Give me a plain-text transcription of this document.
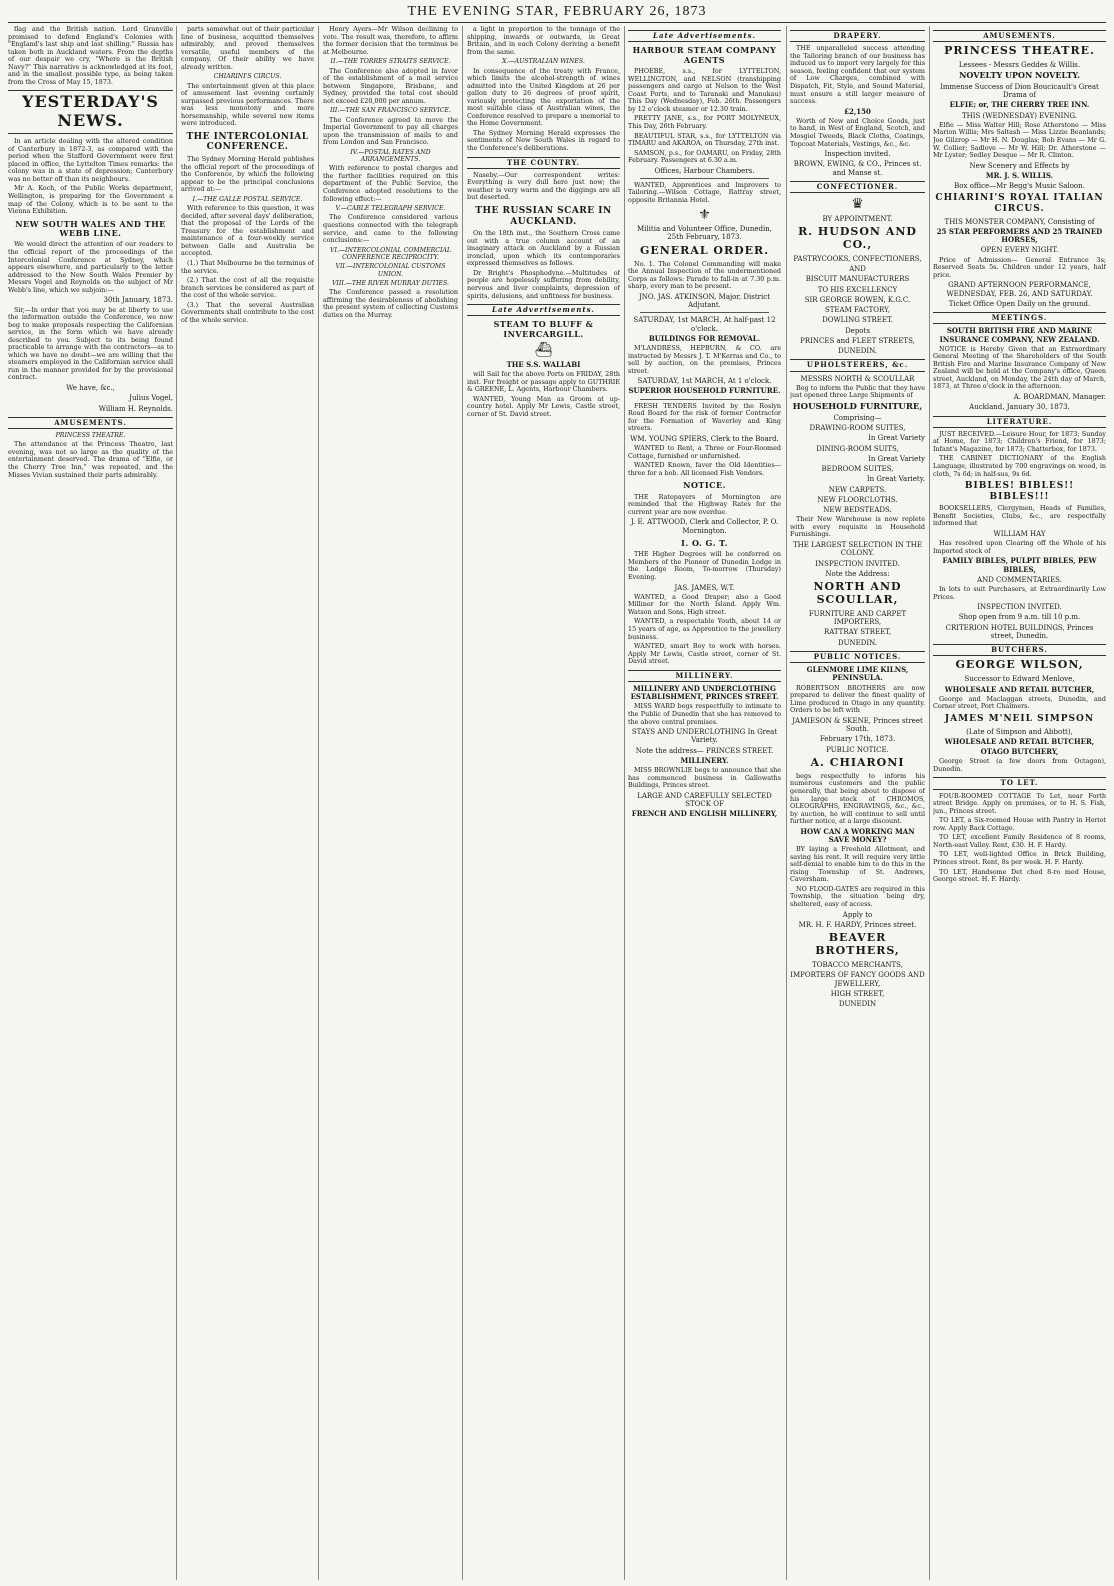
THE EVENING STAR, FEBRUARY 26, 1873

flag and the British nation. Lord Granville promised to defend England's Colonies with "England's last ship and last shilling." Russia has taken both in Auckland waters. From the depths of our despair we cry, "Where is the British Navy?" This narrative is acknowledged at its foot, and in the smallest possible type, as being taken from the Cross of May 15, 1873.

YESTERDAY'S NEWS.

In an article dealing with the altered condition of Canterbury in 1872-3, as compared with the period when the Stafford Government were first placed in office, the Lyttelton Times remarks: the colony was in a state of depression; Canterbury was no better off than its neighbours.

Mr A. Koch, of the Public Works department, Wellington, is preparing for the Government a map of the Colony, which is to be sent to the Vienna Exhibition.

NEW SOUTH WALES AND THE WEBB LINE.

We would direct the attention of our readers to the official report of the proceedings of the Intercolonial Conference at Sydney, which appears elsewhere, and particularly to the letter addressed to the New South Wales Premier by Messrs Vogel and Reynolds on the subject of Mr Webb's line, which we subjoin:—

30th January, 1873.

Sir,—In order that you may be at liberty to use the information outside the Conference, we now beg to make proposals respecting the Californian service, in the form which we have already described to you. Subject to its being found practicable to arrange with the contractors—as to which we have no doubt—we are willing that the steamers employed in the Californian service shall run in the manner provided for by the provisional contract.

We have, &c.,
Julius Vogel,
William H. Reynolds.
AMUSEMENTS.
PRINCESS THEATRE.

The attendance at the Princess Theatre, last evening, was not so large as the quality of the entertainment deserved. The drama of "Elfie, or the Cherry Tree Inn," was repeated, and the Misses Vivian sustained their parts admirably.

parts somewhat out of their particular line of business, acquitted themselves admirably, and proved themselves versatile, useful members of the company. Of their ability we have already written.

CHIARINI'S CIRCUS.

The entertainment given at this place of amusement last evening certainly surpassed previous performances. There was less monotony and more horsemanship, while several new items were introduced.

THE INTERCOLONIAL CONFERENCE.

The Sydney Morning Herald publishes the official report of the proceedings of the Conference, by which the following appear to be the principal conclusions arrived at:—

I.—THE GALLE POSTAL SERVICE.

With reference to this question, it was decided, after several days' deliberation, that the proposal of the Lords of the Treasury for the establishment and maintenance of a four-weekly service between Galle and Australia be accepted.

(1.) That Melbourne be the terminus of the service.

(2.) That the cost of all the requisite branch services be considered as part of the cost of the whole service.

(3.) That the several Australian Governments shall contribute to the cost of the whole service.

Henry Ayers—Mr Wilson declining to vote. The result was, therefore, to affirm the former decision that the terminus be at Melbourne.

II.—THE TORRES STRAITS SERVICE.

The Conference also adopted in favor of the establishment of a mail service between Singapore, Brisbane, and Sydney, provided the total cost should not exceed £20,000 per annum.

III.—THE SAN FRANCISCO SERVICE.

The Conference agreed to move the Imperial Government to pay all charges upon the transmission of mails to and from London and San Francisco.

IV.—POSTAL RATES AND ARRANGEMENTS.

With reference to postal charges and the further facilities required on this department of the Public Service, the Conference adopted resolutions to the following effect:—

V.—CABLE TELEGRAPH SERVICE.

The Conference considered various questions connected with the telegraph service, and came to the following conclusions:—

VI.—INTERCOLONIAL COMMERCIAL CONFERENCE RECIPROCITY.
VII.—INTERCOLONIAL CUSTOMS UNION.
VIII.—THE RIVER MURRAY DUTIES.

The Conference passed a resolution affirming the desirableness of abolishing the present system of collecting Customs duties on the Murray.

a light in proportion to the tonnage of the shipping, inwards or outwards, in Great Britain, and in each Colony deriving a benefit from the same.

X.—AUSTRALIAN WINES.

In consequence of the treaty with France, which limits the alcohol-strength of wines admitted into the United Kingdom at 26 per gallon duty to 26 degrees of proof spirit, variously protecting the exportation of the most suitable class of Australian wines, the Conference resolved to prepare a memorial to the Home Government.

The Sydney Morning Herald expresses the sentiments of New South Wales in regard to the Conference's deliberations.

THE COUNTRY.

Naseby.—Our correspondent writes: Everything is very dull here just now; the weather is very warm and the diggings are all but deserted.

THE RUSSIAN SCARE IN AUCKLAND.

On the 18th inst., the Southern Cross came out with a true column account of an imaginary attack on Auckland by a Russian ironclad, upon which its contemporaries expressed themselves as follows.

Dr Bright's Phosphodyne.—Multitudes of people are hopelessly suffering from debility, nervous and liver complaints, depression of spirits, delusions, and unfitness for business.

Late Advertisements.
STEAM TO BLUFF & INVERCARGILL.
⛴
THE S.S. WALLABI

will Sail for the above Ports on FRIDAY, 28th inst. For freight or passage apply to GUTHRIE & GREENE, L. Agents, Harbour Chambers.

WANTED, Young Man as Groom at up-country hotel. Apply Mr Lewis, Castle street, corner of St. David street.

Late Advertisements.
HARBOUR STEAM COMPANY AGENTS

PHOEBE, s.s., for LYTTELTON, WELLINGTON, and NELSON (transhipping passengers and cargo at Nelson to the West Coast Ports, and to Taranaki and Manukau) This Day (Wednesday), Feb. 26th. Passengers by 12 o'clock steamer or 12.30 train.

PRETTY JANE, s.s., for PORT MOLYNEUX, This Day, 26th February.

BEAUTIFUL STAR, s.s., for LYTTELTON via TIMARU and AKAROA, on Thursday, 27th inst.

SAMSON, p.s., for OAMARU, on Friday, 28th February. Passengers at 6.30 a.m.

Offices, Harbour Chambers.

WANTED, Apprentices and Improvers to Tailoring.—Wilson Cottage, Rattray street, opposite Britannia Hotel.

⚜
Militia and Volunteer Office, Dunedin, 25th February, 1873.
GENERAL ORDER.

No. 1. The Colonel Commanding will make the Annual Inspection of the undermentioned Corps as follows: Parade to fall-in at 7.30 p.m. sharp, every man to be present.

JNO. JAS. ATKINSON, Major, District Adjutant.
SATURDAY, 1st MARCH, At half-past 12 o'clock.
BUILDINGS FOR REMOVAL.

M'LANDRESS, HEPBURN, & CO. are instructed by Messrs J. T. M'Kerras and Co., to sell by auction, on the premises, Princes street.

SATURDAY, 1st MARCH, At 1 o'clock.
SUPERIOR HOUSEHOLD FURNITURE.

FRESH TENDERS Invited by the Roslyn Road Board for the risk of former Contractor for the Formation of Waverley and King streets.

WM. YOUNG SPIERS, Clerk to the Board.

WANTED to Rent, a Three or Four-Roomed Cottage, furnished or unfurnished.

WANTED Known, faver the Old Identities—three for a bob. All licensed Fish Vendors.

NOTICE.

THE Ratepayers of Mornington are reminded that the Highway Rates for the current year are now overdue.

J. E. ATTWOOD, Clerk and Collector, P. O. Mornington.
I. O. G. T.

THE Higher Degrees will be conferred on Members of the Pioneer of Dunedin Lodge in the Lodge Room, To-morrow (Thursday) Evening.

JAS. JAMES, W.T.

WANTED, a Good Draper; also a Good Milliner for the North Island. Apply Wm. Watson and Sons, High street.

WANTED, a respectable Youth, about 14 or 15 years of age, as Apprentice to the jewellery business.

WANTED, smart Boy to work with horses. Apply Mr Lewis, Castle street, corner of St. David street.

MILLINERY.
MILLINERY AND UNDERCLOTHING ESTABLISHMENT, PRINCES STREET.

MISS WARD begs respectfully to intimate to the Public of Dunedin that she has removed to the above central premises.

STAYS AND UNDERCLOTHING In Great Variety.
Note the address— PRINCES STREET.
MILLINERY.

MISS BROWNLIE begs to announce that she has commenced business in Gallowaths Buildings, Princes street.

LARGE AND CAREFULLY SELECTED STOCK OF
FRENCH AND ENGLISH MILLINERY,
DRAPERY.

THE unparalleled success attending the Tailoring branch of our business has induced us to import very largely for this season, feeling confident that our system of Low Charges, combined with Dispatch, Fit, Style, and Sound Material, must ensure a still larger measure of success.

£2,150

Worth of New and Choice Goods, just to hand, in West of England, Scotch, and Mosgiel Tweeds, Black Cloths, Coatings, Topcoat Materials, Vestings, &c., &c.

Inspection invited.
BROWN, EWING, & CO., Princes st. and Manse st.
CONFECTIONER.
♛
BY APPOINTMENT.
R. HUDSON AND CO.,
PASTRYCOOKS, CONFECTIONERS,
AND
BISCUIT MANUFACTURERS
TO HIS EXCELLENCY
SIR GEORGE BOWEN, K.G.C.
STEAM FACTORY,
DOWLING STREET.
Depots
PRINCES and FLEET STREETS,
DUNEDIN.
UPHOLSTERERS, &c.
MESSRS NORTH & SCOULLAR

Beg to inform the Public that they have just opened three Large Shipments of

HOUSEHOLD FURNITURE,
Comprising—
DRAWING-ROOM SUITES,
In Great Variety
DINING-ROOM SUITS,
In Great Variety
BEDROOM SUITES,
In Great Variety.
NEW CARPETS.
NEW FLOORCLOTHS.
NEW BEDSTEADS.

Their New Warehouse is now replete with every requisite in Household Furnishings.

THE LARGEST SELECTION IN THE COLONY.
INSPECTION INVITED.
Note the Address:
NORTH AND SCOULLAR,
FURNITURE AND CARPET IMPORTERS,
RATTRAY STREET,
DUNEDIN.
PUBLIC NOTICES.
GLENMORE LIME KILNS, PENINSULA.

ROBERTSON BROTHERS are now prepared to deliver the finest quality of Lime produced in Otago in any quantity. Orders to be left with

JAMIESON & SKENE, Princes street South.
February 17th, 1873.
PUBLIC NOTICE.
A. CHIARONI

begs respectfully to inform his numerous customers and the public generally, that being about to dispose of his large stock of CHROMOS, OLEOGRAPHS, ENGRAVINGS, &c., &c., by auction, he will continue to sell until further notice, at a large discount.

HOW CAN A WORKING MAN SAVE MONEY?

BY laying a Freehold Allotment, and saving his rent. It will require very little self-denial to enable him to do this in the rising Township of St. Andrews, Caversham.

NO FLOOD-GATES are required in this Township, the situation being dry, sheltered, easy of access.

Apply to
MR. H. F. HARDY, Princes street.
BEAVER BROTHERS,
TOBACCO MERCHANTS,
IMPORTERS OF FANCY GOODS AND JEWELLERY,
HIGH STREET,
DUNEDIN
AMUSEMENTS.
PRINCESS THEATRE.
Lessees - Messrs Geddes & Willis.
NOVELTY UPON NOVELTY.
Immense Success of Dion Boucicault's Great Drama of
ELFIE; or, THE CHERRY TREE INN.
THIS (WEDNESDAY) EVENING.

Elfie — Miss Walter Hill; Rose Atherstone — Miss Marion Willis; Mrs Saltash — Miss Lizzie Beanlands; Joe Gilzrop — Mr H. N. Douglas; Bob Evans — Mr G. W. Collier; Sadlove — Mr W. Hill; Dr. Atherstone — Mr Lyster; Sedley Desque — Mr R. Clinton.

New Scenery and Effects by
MR. J. S. WILLIS.
Box office—Mr Begg's Music Saloon.
CHIARINI'S ROYAL ITALIAN CIRCUS.
THIS MONSTER COMPANY, Consisting of
25 STAR PERFORMERS AND 25 TRAINED HORSES,
OPEN EVERY NIGHT.

Price of Admission— General Entrance 3s; Reserved Seats 5s. Children under 12 years, half price.

GRAND AFTERNOON PERFORMANCE, WEDNESDAY, FEB. 26, AND SATURDAY.
Ticket Office Open Daily on the ground.
MEETINGS.
SOUTH BRITISH FIRE AND MARINE INSURANCE COMPANY, NEW ZEALAND.

NOTICE is Hereby Given that an Extraordinary General Meeting of the Shareholders of the South British Fire and Marine Insurance Company of New Zealand will be held at the Company's office, Queen street, Auckland, on Monday, the 24th day of March, 1873, at Three o'clock in the afternoon.

A. BOARDMAN, Manager.
Auckland, January 30, 1873.
LITERATURE.

JUST RECEIVED.—Leisure Hour, for 1873; Sunday at Home, for 1873; Children's Friend, for 1873; Infant's Magazine, for 1873; Chatterbox, for 1873.

THE CABINET DICTIONARY of the English Language, illustrated by 700 engravings on wood, in cloth, 7s 6d; in half-sus, 9s 6d.

BIBLES! BIBLES!! BIBLES!!!

BOOKSELLERS, Clergymen, Heads of Families, Benefit Societies, Clubs, &c., are respectfully informed that

WILLIAM HAY

Has resolved upon Clearing off the Whole of his Imported stock of

FAMILY BIBLES, PULPIT BIBLES, PEW BIBLES,
AND COMMENTARIES.

In lots to suit Purchasers, at Extraordinarily Low Prices.

INSPECTION INVITED.
Shop open from 9 a.m. till 10 p.m.
CRITERION HOTEL BUILDINGS, Princes street, Dunedin.
BUTCHERS.
GEORGE WILSON,
Successor to Edward Menlove,
WHOLESALE AND RETAIL BUTCHER,

George and Maclaggan streets, Dunedin, and Corner street, Port Chalmers.

JAMES M'NEIL SIMPSON
(Late of Simpson and Abbott),
WHOLESALE AND RETAIL BUTCHER,
OTAGO BUTCHERY,

George Street (a few doors from Octagon), Dunedin.

TO LET.

FOUR-ROOMED COTTAGE To Let, near Forth street Bridge. Apply on premises, or to H. S. Fish, jun., Princes street.

TO LET, a Six-roomed House with Pantry in Heriot row. Apply Back Cottage.

TO LET, excellent Family Residence of 8 rooms, North-east Valley. Rent, £30. H. F. Hardy.

TO LET, well-lighted Office in Brick Building, Princes street. Rent, 8s per week. H. F. Hardy.

TO LET, Handsome Det ched 8-ro med House, George street. H. F. Hardy.
